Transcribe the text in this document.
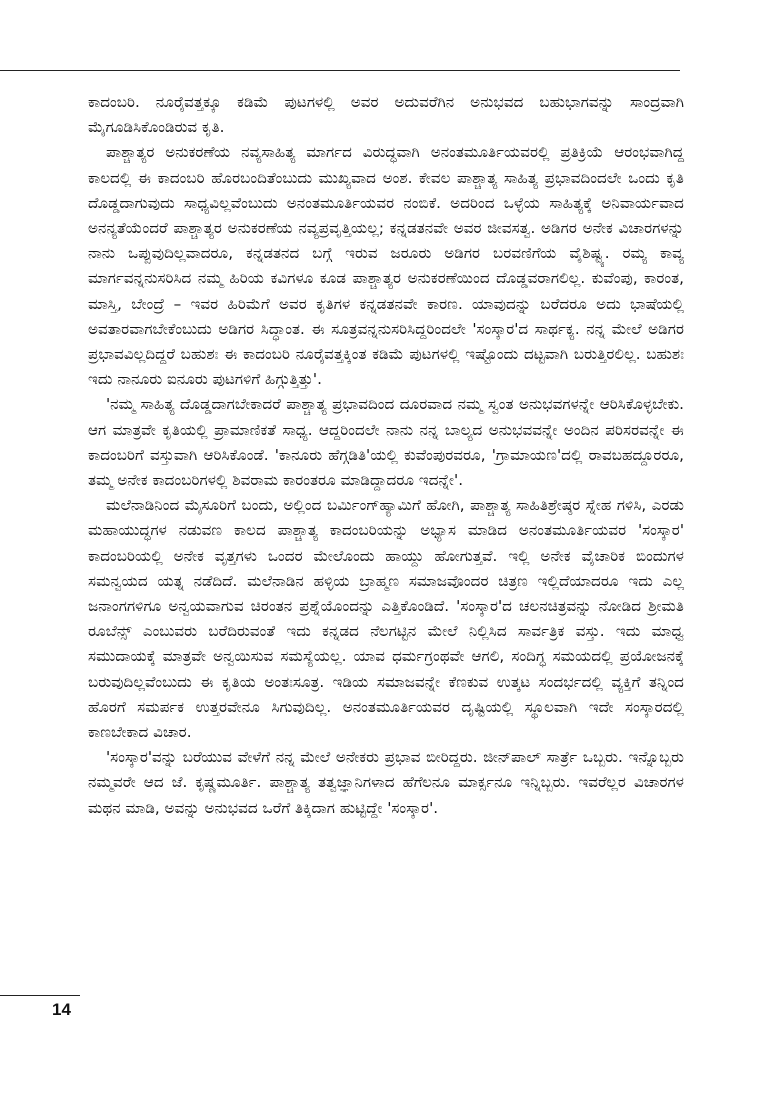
ಕಾದಂಬರಿ. ನೂರೈವತ್ತಕ್ಕೂ ಕಡಿಮೆ ಪುಟಗಳಲ್ಲಿ ಅವರ ಅದುವರೆಗಿನ ಅನುಭವದ ಬಹುಭಾಗವನ್ನು ಸಾಂದ್ರವಾಗಿ ಮೈಗೂಡಿಸಿಕೊಂಡಿರುವ ಕೃತಿ.

ಪಾಶ್ಚಾತ್ಯರ ಅನುಕರಣೆಯ ನವ್ಯಸಾಹಿತ್ಯ ಮಾರ್ಗದ ವಿರುದ್ಧವಾಗಿ ಅನಂತಮೂರ್ತಿಯವರಲ್ಲಿ ಪ್ರತಿಕ್ರಿಯೆ ಆರಂಭವಾಗಿದ್ದ ಕಾಲದಲ್ಲಿ ಈ ಕಾದಂಬರಿ ಹೊರಬಂದಿತೆಂಬುದು ಮುಖ್ಯವಾದ ಅಂಶ. ಕೇವಲ ಪಾಶ್ಚಾತ್ಯ ಸಾಹಿತ್ಯ ಪ್ರಭಾವದಿಂದಲೇ ಒಂದು ಕೃತಿ ದೊಡ್ಡದಾಗುವುದು ಸಾಧ್ಯವಿಲ್ಲವೆಂಬುದು ಅನಂತಮೂರ್ತಿಯವರ ನಂಬಿಕೆ. ಅದರಿಂದ ಒಳ್ಳೆಯ ಸಾಹಿತ್ಯಕ್ಕೆ ಅನಿವಾರ್ಯವಾದ ಅನನ್ಯತೆಯೆಂದರೆ ಪಾಶ್ಚಾತ್ಯರ ಅನುಕರಣೆಯ ನವ್ಯಪ್ರವೃತ್ತಿಯಲ್ಲ; ಕನ್ನಡತನವೇ ಅವರ ಜೀವಸತ್ವ. ಅಡಿಗರ ಅನೇಕ ವಿಚಾರಗಳನ್ನು ನಾನು ಒಪ್ಪುವುದಿಲ್ಲವಾದರೂ, ಕನ್ನಡತನದ ಬಗ್ಗೆ ಇರುವ ಜರೂರು ಅಡಿಗರ ಬರವಣಿಗೆಯ ವೈಶಿಷ್ಟ್ಯ. ರಮ್ಯ ಕಾವ್ಯ ಮಾರ್ಗವನ್ನನುಸರಿಸಿದ ನಮ್ಮ ಹಿರಿಯ ಕವಿಗಳೂ ಕೂಡ ಪಾಶ್ಚಾತ್ಯರ ಅನುಕರಣೆಯಿಂದ ದೊಡ್ಡವರಾಗಲಿಲ್ಲ. ಕುವೆಂಪು, ಕಾರಂತ, ಮಾಸ್ತಿ, ಬೇಂದ್ರೆ – ಇವರ ಹಿರಿಮೆಗೆ ಅವರ ಕೃತಿಗಳ ಕನ್ನಡತನವೇ ಕಾರಣ. ಯಾವುದನ್ನು ಬರೆದರೂ ಅದು ಭಾಷೆಯಲ್ಲಿ ಅವತಾರವಾಗಬೇಕೆಂಬುದು ಅಡಿಗರ ಸಿದ್ಧಾಂತ. ಈ ಸೂತ್ರವನ್ನನುಸರಿಸಿದ್ದರಿಂದಲೇ 'ಸಂಸ್ಕಾರ'ದ ಸಾರ್ಥಕ್ಯ. ನನ್ನ ಮೇಲೆ ಅಡಿಗರ ಪ್ರಭಾವವಿಲ್ಲದಿದ್ದರೆ ಬಹುಶಃ ಈ ಕಾದಂಬರಿ ನೂರೈವತ್ತಕ್ಕಿಂತ ಕಡಿಮೆ ಪುಟಗಳಲ್ಲಿ ಇಷ್ಟೊಂದು ದಟ್ಟವಾಗಿ ಬರುತ್ತಿರಲಿಲ್ಲ. ಬಹುಶಃ ಇದು ನಾನೂರು ಐನೂರು ಪುಟಗಳಿಗೆ ಹಿಗ್ಗುತ್ತಿತ್ತು'.

'ನಮ್ಮ ಸಾಹಿತ್ಯ ದೊಡ್ಡದಾಗಬೇಕಾದರೆ ಪಾಶ್ಚಾತ್ಯ ಪ್ರಭಾವದಿಂದ ದೂರವಾದ ನಮ್ಮ ಸ್ವಂತ ಅನುಭವಗಳನ್ನೇ ಆರಿಸಿಕೊಳ್ಳಬೇಕು. ಆಗ ಮಾತ್ರವೇ ಕೃತಿಯಲ್ಲಿ ಪ್ರಾಮಾಣಿಕತೆ ಸಾಧ್ಯ. ಆದ್ದರಿಂದಲೇ ನಾನು ನನ್ನ ಬಾಲ್ಯದ ಅನುಭವವನ್ನೇ ಅಂದಿನ ಪರಿಸರವನ್ನೇ ಈ ಕಾದಂಬರಿಗೆ ವಸ್ತುವಾಗಿ ಆರಿಸಿಕೊಂಡೆ. 'ಕಾನೂರು ಹೆಗ್ಗಡಿತಿ'ಯಲ್ಲಿ ಕುವೆಂಪುರವರೂ, 'ಗ್ರಾಮಾಯಣ'ದಲ್ಲಿ ರಾವಬಹದ್ದೂರರೂ, ತಮ್ಮ ಅನೇಕ ಕಾದಂಬರಿಗಳಲ್ಲಿ ಶಿವರಾಮ ಕಾರಂತರೂ ಮಾಡಿದ್ದಾದರೂ ಇದನ್ನೇ'.

ಮಲೆನಾಡಿನಿಂದ ಮೈಸೂರಿಗೆ ಬಂದು, ಅಲ್ಲಿಂದ ಬರ್ಮಿಂಗ್‌ಹ್ಯಾಮಿಗೆ ಹೋಗಿ, ಪಾಶ್ಚಾತ್ಯ ಸಾಹಿತಿಶ್ರೇಷ್ಠರ ಸ್ನೇಹ ಗಳಿಸಿ, ಎರಡು ಮಹಾಯುದ್ಧಗಳ ನಡುವಣ ಕಾಲದ ಪಾಶ್ಚಾತ್ಯ ಕಾದಂಬರಿಯನ್ನು ಅಭ್ಯಾಸ ಮಾಡಿದ ಅನಂತಮೂರ್ತಿಯವರ 'ಸಂಸ್ಕಾರ' ಕಾದಂಬರಿಯಲ್ಲಿ ಅನೇಕ ವೃತ್ತಗಳು ಒಂದರ ಮೇಲೊಂದು ಹಾಯ್ದು ಹೋಗುತ್ತವೆ. ಇಲ್ಲಿ ಅನೇಕ ವೈಚಾರಿಕ ಬಿಂದುಗಳ ಸಮನ್ವಯದ ಯತ್ನ ನಡೆದಿದೆ. ಮಲೆನಾಡಿನ ಹಳ್ಳಿಯ ಬ್ರಾಹ್ಮಣ ಸಮಾಜವೊಂದರ ಚಿತ್ರಣ ಇಲ್ಲಿದೆಯಾದರೂ ಇದು ಎಲ್ಲ ಜನಾಂಗಗಳಿಗೂ ಅನ್ವಯವಾಗುವ ಚಿರಂತನ ಪ್ರಶ್ನೆಯೊಂದನ್ನು ಎತ್ತಿಕೊಂಡಿದೆ. 'ಸಂಸ್ಕಾರ'ದ ಚಲನಚಿತ್ರವನ್ನು ನೋಡಿದ ಶ್ರೀಮತಿ ರೂಬೆನ್ಸ್ ಎಂಬುವರು ಬರೆದಿರುವಂತೆ ಇದು ಕನ್ನಡದ ನೆಲಗಟ್ಟಿನ ಮೇಲೆ ನಿಲ್ಲಿಸಿದ ಸಾರ್ವತ್ರಿಕ ವಸ್ತು. ಇದು ಮಾಧ್ವ ಸಮುದಾಯಕ್ಕೆ ಮಾತ್ರವೇ ಅನ್ವಯಿಸುವ ಸಮಸ್ಯೆಯಲ್ಲ. ಯಾವ ಧರ್ಮಗ್ರಂಥವೇ ಆಗಲಿ, ಸಂದಿಗ್ಧ ಸಮಯದಲ್ಲಿ ಪ್ರಯೋಜನಕ್ಕೆ ಬರುವುದಿಲ್ಲವೆಂಬುದು ಈ ಕೃತಿಯ ಅಂತಃಸೂತ್ರ. ಇಡಿಯ ಸಮಾಜವನ್ನೇ ಕೆಣಕುವ ಉತ್ಕಟ ಸಂದರ್ಭದಲ್ಲಿ ವ್ಯಕ್ತಿಗೆ ತನ್ನಿಂದ ಹೊರಗೆ ಸಮರ್ಪಕ ಉತ್ತರವೇನೂ ಸಿಗುವುದಿಲ್ಲ. ಅನಂತಮೂರ್ತಿಯವರ ದೃಷ್ಟಿಯಲ್ಲಿ ಸ್ಥೂಲವಾಗಿ ಇದೇ ಸಂಸ್ಕಾರದಲ್ಲಿ ಕಾಣಬೇಕಾದ ವಿಚಾರ.

'ಸಂಸ್ಕಾರ'ವನ್ನು ಬರೆಯುವ ವೇಳೆಗೆ ನನ್ನ ಮೇಲೆ ಅನೇಕರು ಪ್ರಭಾವ ಬೀರಿದ್ದರು. ಜೀನ್‌ಪಾಲ್ ಸಾರ್ತ್ರೆ ಒಬ್ಬರು. ಇನ್ನೊಬ್ಬರು ನಮ್ಮವರೇ ಆದ ಜೆ. ಕೃಷ್ಣಮೂರ್ತಿ. ಪಾಶ್ಚಾತ್ಯ ತತ್ವಜ್ಞಾನಿಗಳಾದ ಹೆಗೆಲನೂ ಮಾರ್ಕ್ಸನೂ ಇನ್ನಿಬ್ಬರು. ಇವರೆಲ್ಲರ ವಿಚಾರಗಳ ಮಥನ ಮಾಡಿ, ಅವನ್ನು ಅನುಭವದ ಒರೆಗೆ ತಿಕ್ಕಿದಾಗ ಹುಟ್ಟಿದ್ದೇ 'ಸಂಸ್ಕಾರ'.

14
